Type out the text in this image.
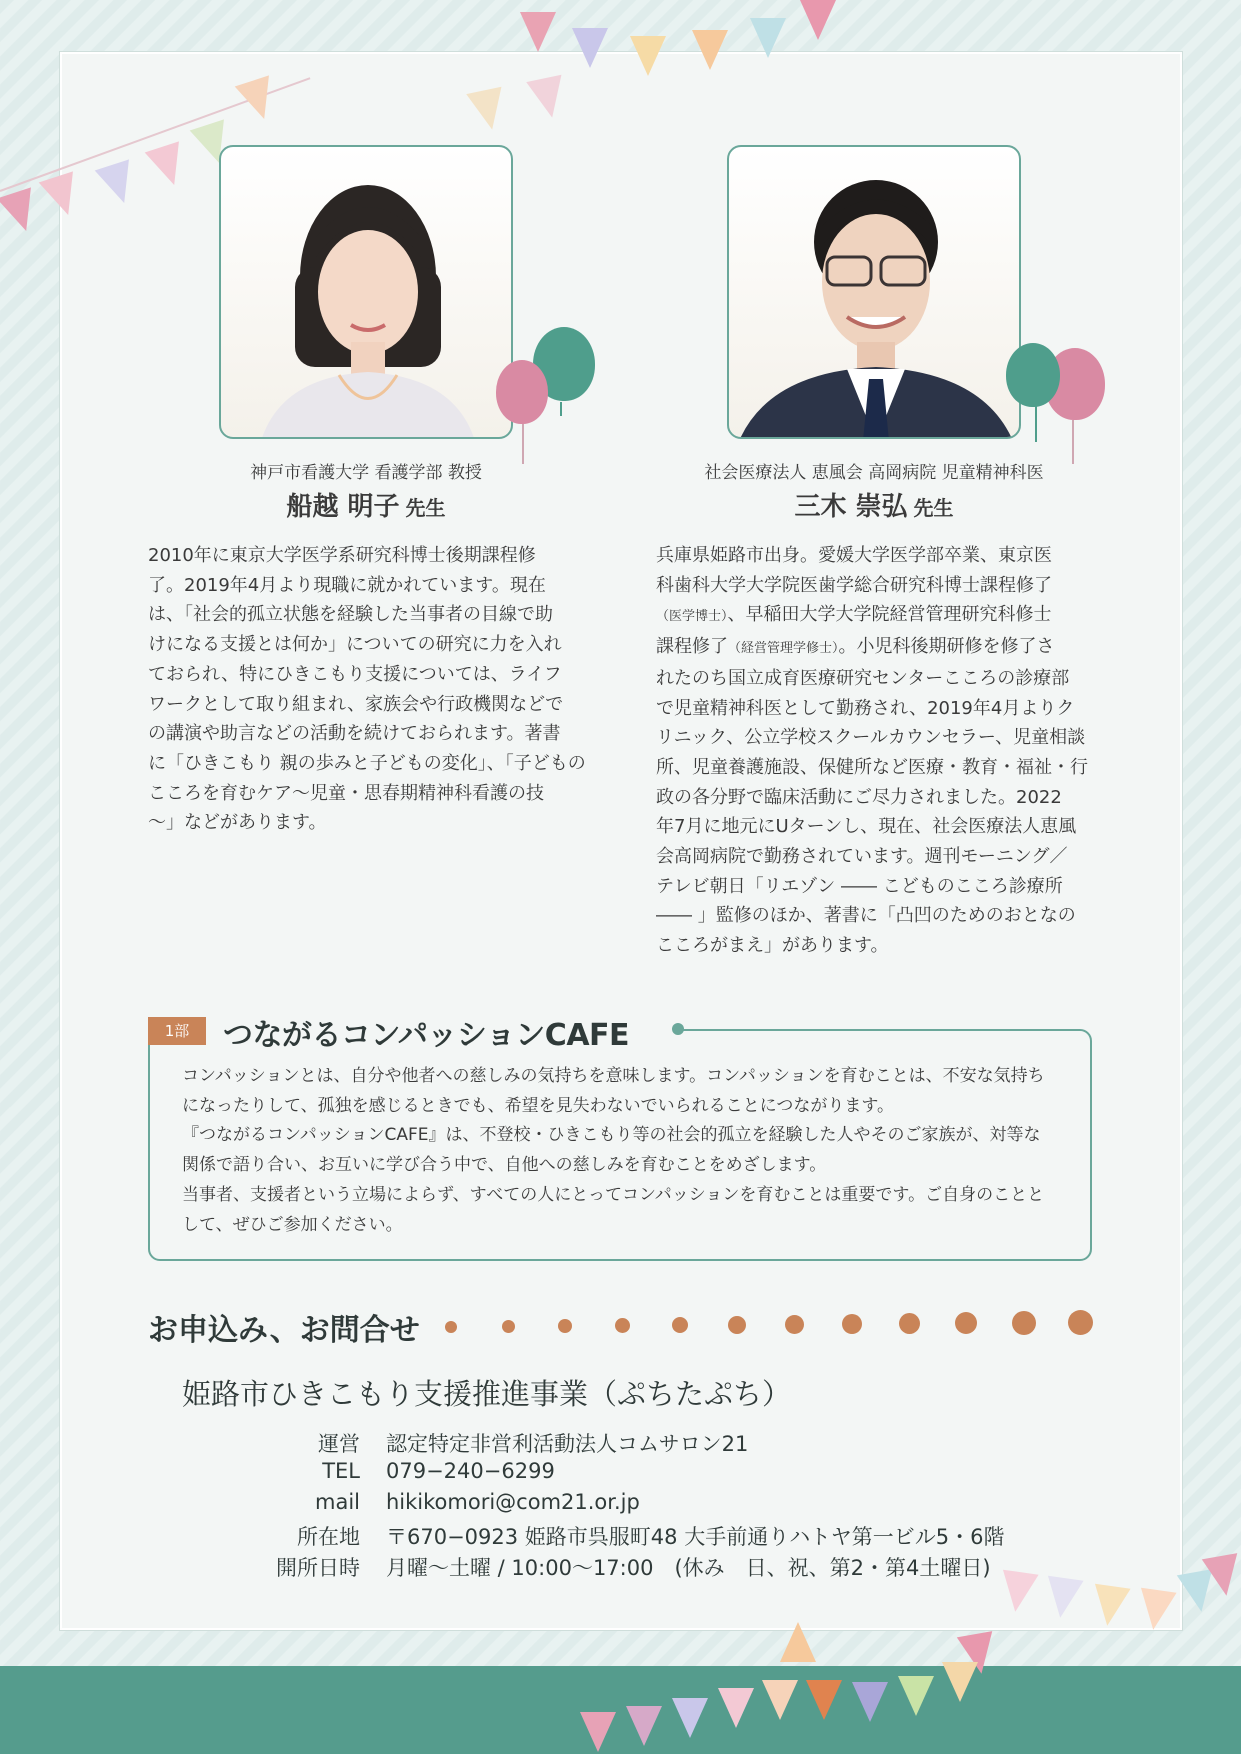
神戸市看護大学 看護学部 教授
船越 明子 先生
2010年に東京大学医学系研究科博士後期課程修
了。2019年4月より現職に就かれています。現在
は、「社会的孤立状態を経験した当事者の目線で助
けになる支援とは何か」についての研究に力を入れ
ておられ、特にひきこもり支援については、ライフ
ワークとして取り組まれ、家族会や行政機関などで
の講演や助言などの活動を続けておられます。著書
に「ひきこもり 親の歩みと子どもの変化」、「子どもの
こころを育むケア～児童・思春期精神科看護の技
～」などがあります。
社会医療法人 恵風会 高岡病院 児童精神科医
三木 崇弘 先生
兵庫県姫路市出身。愛媛大学医学部卒業、東京医
科歯科大学大学院医歯学総合研究科博士課程修了
（医学博士）、早稲田大学大学院経営管理研究科修士
課程修了（経営管理学修士）。小児科後期研修を修了さ
れたのち国立成育医療研究センターこころの診療部
で児童精神科医として勤務され、2019年4月よりク
リニック、公立学校スクールカウンセラー、児童相談
所、児童養護施設、保健所など医療・教育・福祉・行
政の各分野で臨床活動にご尽力されました。2022
年7月に地元にUターンし、現在、社会医療法人恵風
会高岡病院で勤務されています。週刊モーニング／
テレビ朝日「リエゾン ―― こどものこころ診療所
―― 」監修のほか、著書に「凸凹のためのおとなの
こころがまえ」があります。
1部	つながるコンパッションCAFE
コンパッションとは、自分や他者への慈しみの気持ちを意味します。コンパッションを育むことは、不安な気持ち
になったりして、孤独を感じるときでも、希望を見失わないでいられることにつながります。
『つながるコンパッションCAFE』は、不登校・ひきこもり等の社会的孤立を経験した人やそのご家族が、対等な
関係で語り合い、お互いに学び合う中で、自他への慈しみを育むことをめざします。
当事者、支援者という立場によらず、すべての人にとってコンパッションを育むことは重要です。ご自身のことと
して、ぜひご参加ください。
お申込み、お問合せ
姫路市ひきこもり支援推進事業（ぷちたぷち）
運営 認定特定非営利活動法人コムサロン21
TEL 079−240−6299
mail hikikomori@com21.or.jp
所在地 〒670−0923 姫路市呉服町48 大手前通りハトヤ第一ビル5・6階
開所日時 月曜～土曜 / 10:00～17:00　(休み　日、祝、第2・第4土曜日)
